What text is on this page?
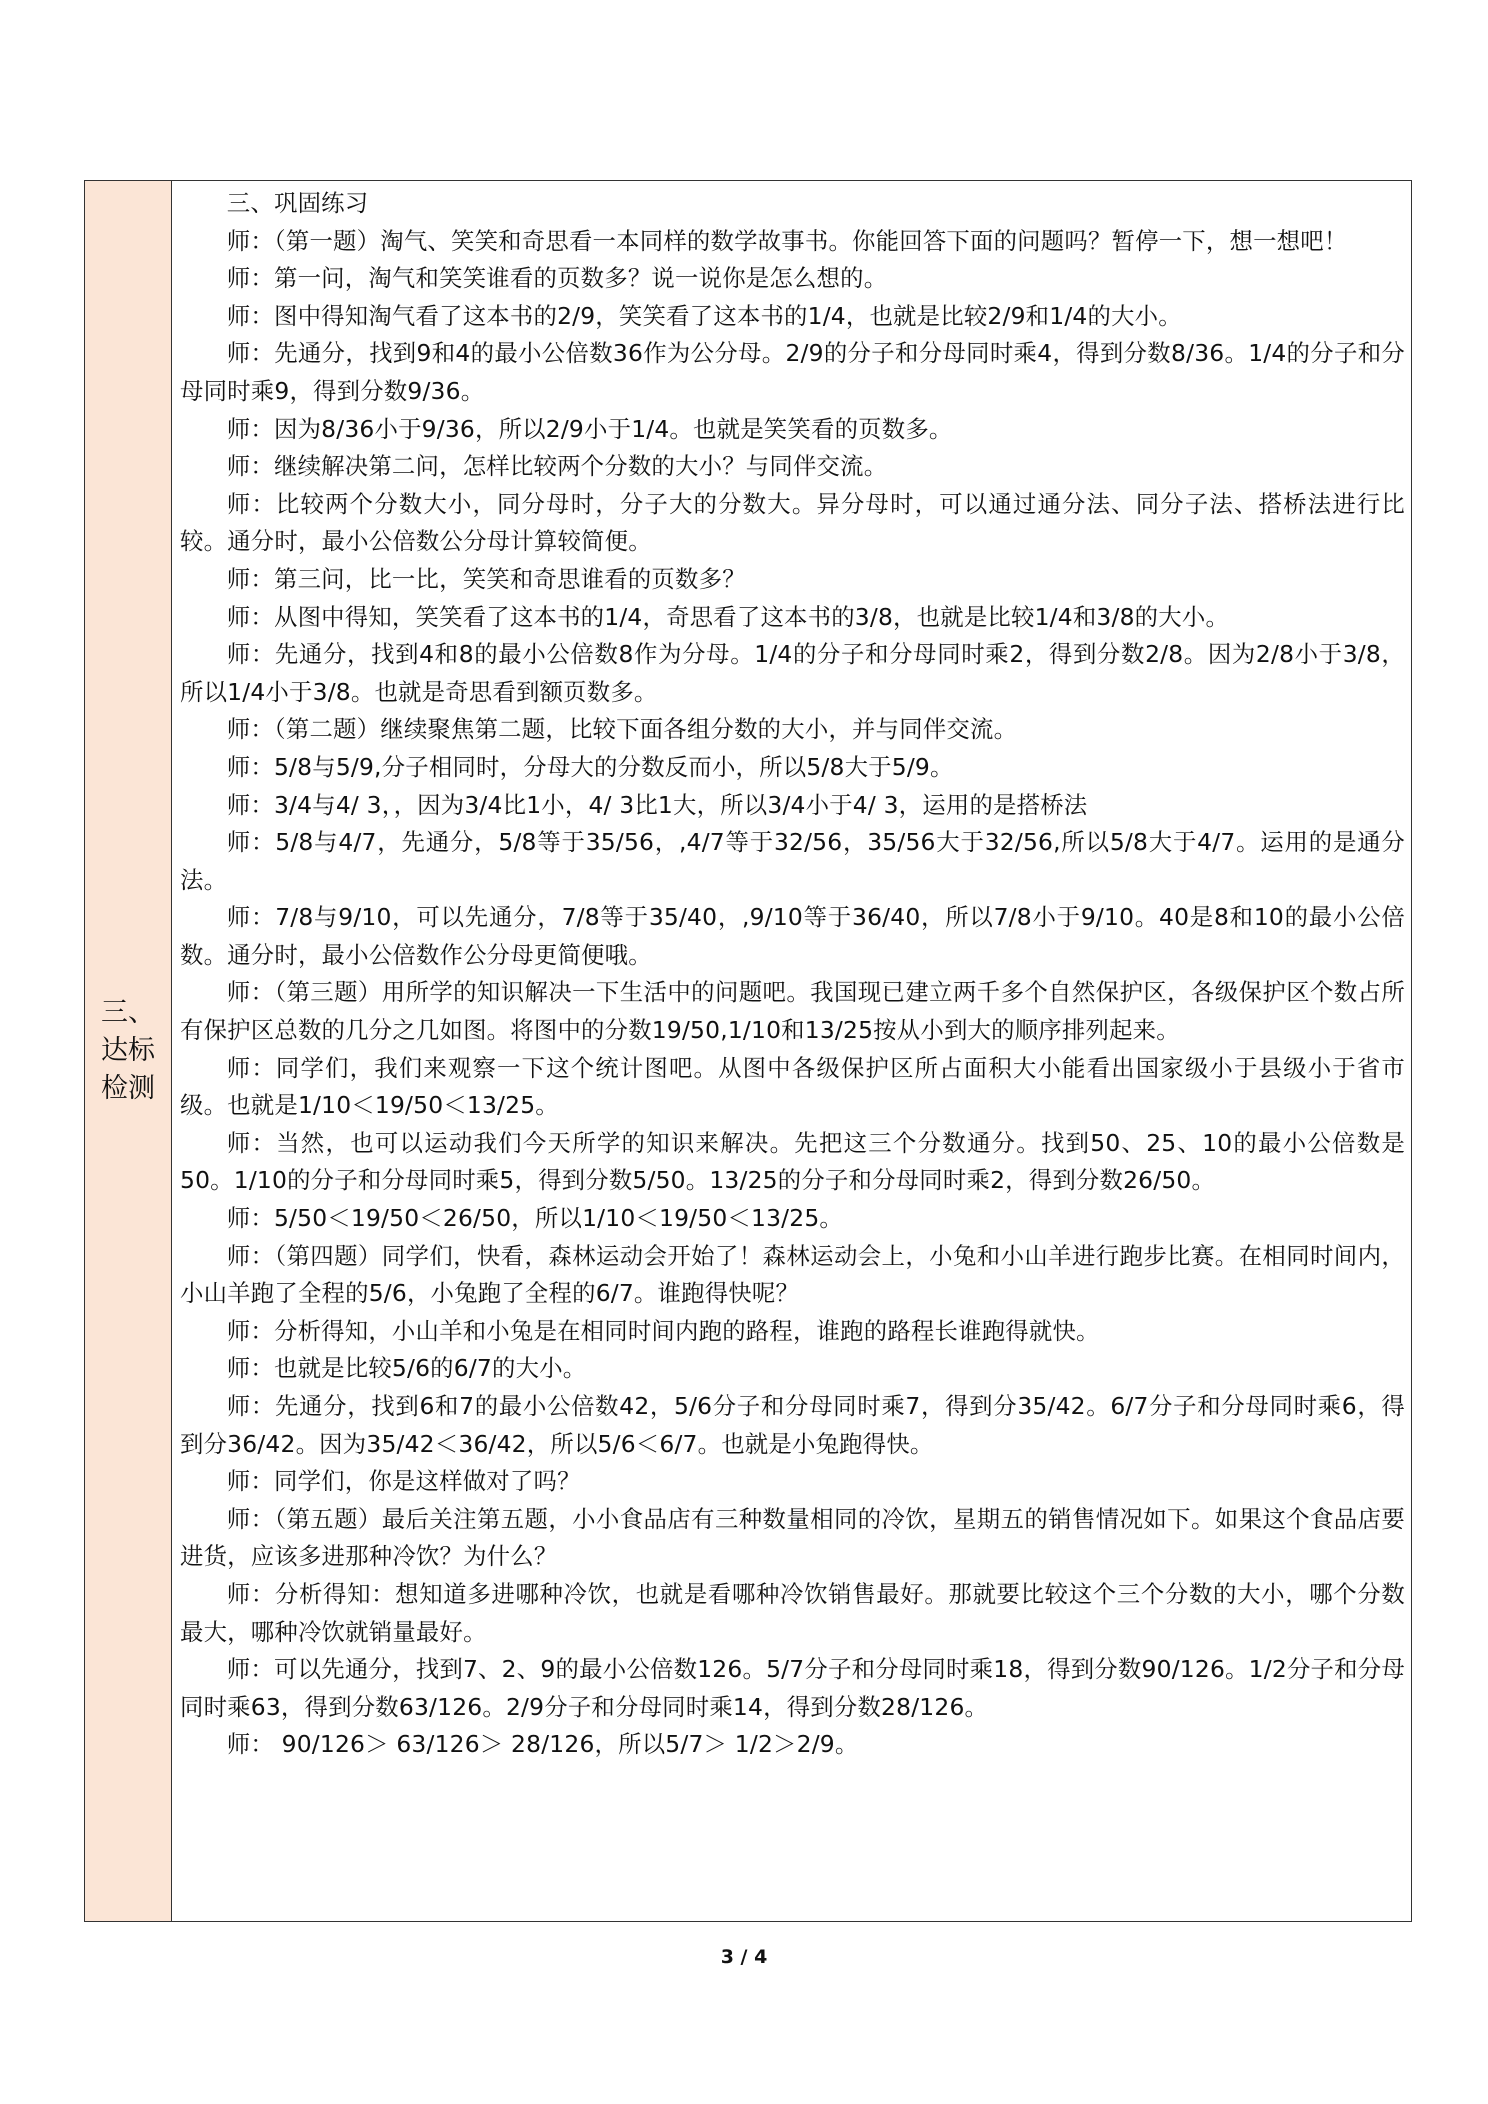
三、达标检测	

三、巩固练习

师：（第一题）淘气、笑笑和奇思看一本同样的数学故事书。你能回答下面的问题吗？暂停一下，想一想吧！

师：第一问，淘气和笑笑谁看的页数多？说一说你是怎么想的。

师：图中得知淘气看了这本书的2/9，笑笑看了这本书的1/4，也就是比较2/9和1/4的大小。

师：先通分，找到9和4的最小公倍数36作为公分母。2/9的分子和分母同时乘4，得到分数8/36。1/4的分子和分母同时乘9，得到分数9/36。

师：因为8/36小于9/36，所以2/9小于1/4。也就是笑笑看的页数多。

师：继续解决第二问，怎样比较两个分数的大小？与同伴交流。

师：比较两个分数大小，同分母时，分子大的分数大。异分母时，可以通过通分法、同分子法、搭桥法进行比较。通分时，最小公倍数公分母计算较简便。

师：第三问，比一比，笑笑和奇思谁看的页数多？

师：从图中得知，笑笑看了这本书的1/4，奇思看了这本书的3/8，也就是比较1/4和3/8的大小。

师：先通分，找到4和8的最小公倍数8作为分母。1/4的分子和分母同时乘2，得到分数2/8。因为2/8小于3/8，所以1/4小于3/8。也就是奇思看到额页数多。

师：（第二题）继续聚焦第二题，比较下面各组分数的大小，并与同伴交流。

师：5/8与5/9,分子相同时，分母大的分数反而小，所以5/8大于5/9。

师：3/4与4/ 3，，因为3/4比1小，4/ 3比1大，所以3/4小于4/ 3，运用的是搭桥法

师：5/8与4/7，先通分，5/8等于35/56，,4/7等于32/56，35/56大于32/56,所以5/8大于4/7。运用的是通分法。

师：7/8与9/10，可以先通分，7/8等于35/40，,9/10等于36/40，所以7/8小于9/10。40是8和10的最小公倍数。通分时，最小公倍数作公分母更简便哦。

师：（第三题）用所学的知识解决一下生活中的问题吧。我国现已建立两千多个自然保护区，各级保护区个数占所有保护区总数的几分之几如图。将图中的分数19/50,1/10和13/25按从小到大的顺序排列起来。

师：同学们，我们来观察一下这个统计图吧。从图中各级保护区所占面积大小能看出国家级小于县级小于省市级。也就是1/10＜19/50＜13/25。

师：当然，也可以运动我们今天所学的知识来解决。先把这三个分数通分。找到50、25、10的最小公倍数是50。1/10的分子和分母同时乘5，得到分数5/50。13/25的分子和分母同时乘2，得到分数26/50。

师：5/50＜19/50＜26/50，所以1/10＜19/50＜13/25。

师：（第四题）同学们，快看，森林运动会开始了！森林运动会上，小兔和小山羊进行跑步比赛。在相同时间内，小山羊跑了全程的5/6，小兔跑了全程的6/7。谁跑得快呢？

师：分析得知，小山羊和小兔是在相同时间内跑的路程，谁跑的路程长谁跑得就快。

师：也就是比较5/6的6/7的大小。

师：先通分，找到6和7的最小公倍数42，5/6分子和分母同时乘7，得到分35/42。6/7分子和分母同时乘6，得到分36/42。因为35/42＜36/42，所以5/6＜6/7。也就是小兔跑得快。

师：同学们，你是这样做对了吗？

师：（第五题）最后关注第五题，小小食品店有三种数量相同的冷饮，星期五的销售情况如下。如果这个食品店要进货，应该多进那种冷饮？为什么？

师：分析得知：想知道多进哪种冷饮，也就是看哪种冷饮销售最好。那就要比较这个三个分数的大小，哪个分数最大，哪种冷饮就销量最好。

师：可以先通分，找到7、2、9的最小公倍数126。5/7分子和分母同时乘18，得到分数90/126。1/2分子和分母同时乘63，得到分数63/126。2/9分子和分母同时乘14，得到分数28/126。

师： 90/126＞ 63/126＞ 28/126，所以5/7＞ 1/2＞2/9。

3 / 4
